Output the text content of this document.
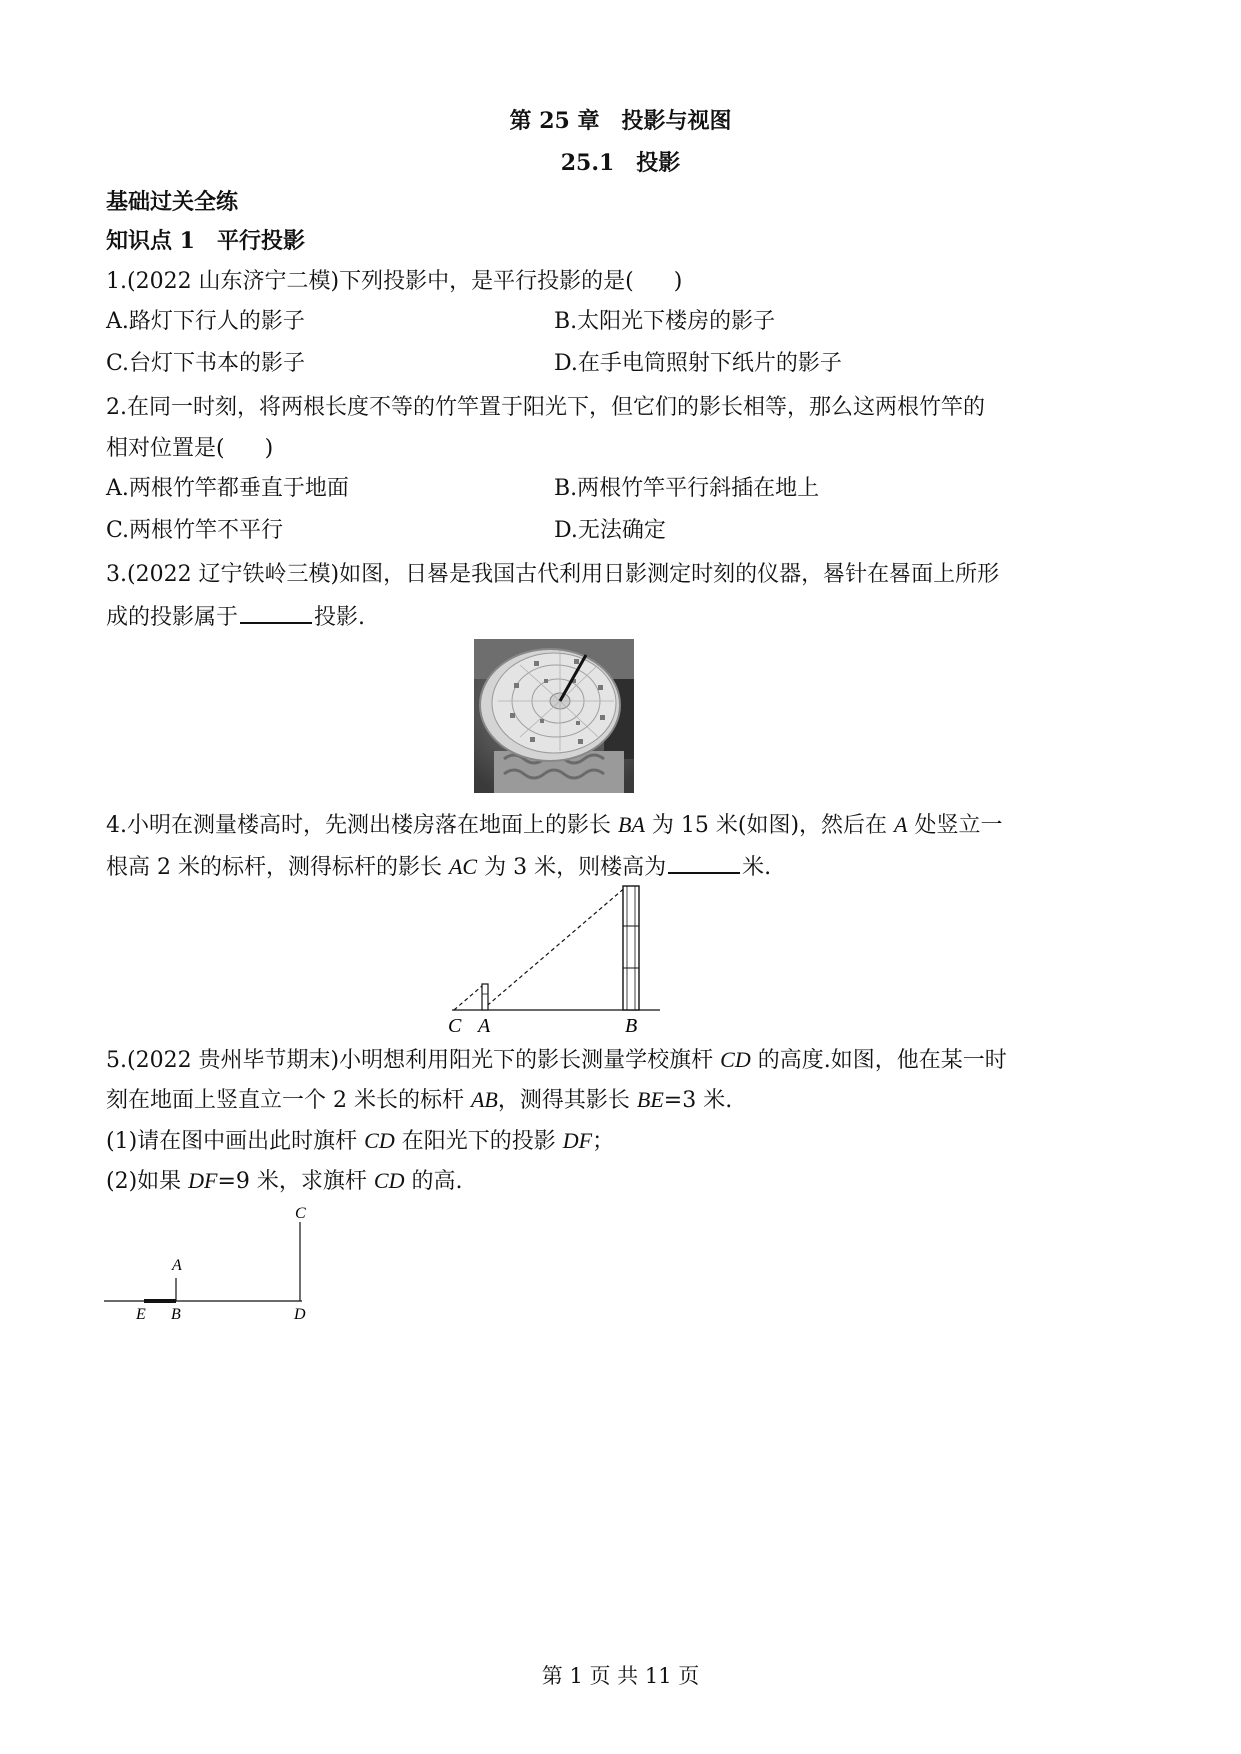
第 25 章　投影与视图
25.1　投影
基础过关全练
知识点 1　平行投影
1.(2022 山东济宁二模)下列投影中，是平行投影的是( )
A.路灯下行人的影子	B.太阳光下楼房的影子
C.台灯下书本的影子	D.在手电筒照射下纸片的影子
2.在同一时刻，将两根长度不等的竹竿置于阳光下，但它们的影长相等，那么这两根竹竿的
相对位置是( )
A.两根竹竿都垂直于地面	B.两根竹竿平行斜插在地上
C.两根竹竿不平行	D.无法确定
3.(2022 辽宁铁岭三模)如图，日晷是我国古代利用日影测定时刻的仪器，晷针在晷面上所形
成的投影属于	投影.
4.小明在测量楼高时，先测出楼房落在地面上的影长 BA 为 15 米(如图)，然后在 A 处竖立一
根高 2 米的标杆，测得标杆的影长 AC 为 3 米，则楼高为	米.
C A	B
5.(2022 贵州毕节期末)小明想利用阳光下的影长测量学校旗杆 CD 的高度.如图，他在某一时
刻在地面上竖直立一个 2 米长的标杆 AB，测得其影长 BE=3 米.
(1)请在图中画出此时旗杆 CD 在阳光下的投影 DF；
(2)如果 DF=9 米，求旗杆 CD 的高.
C
A
E B	D
第 1 页 共 11 页
